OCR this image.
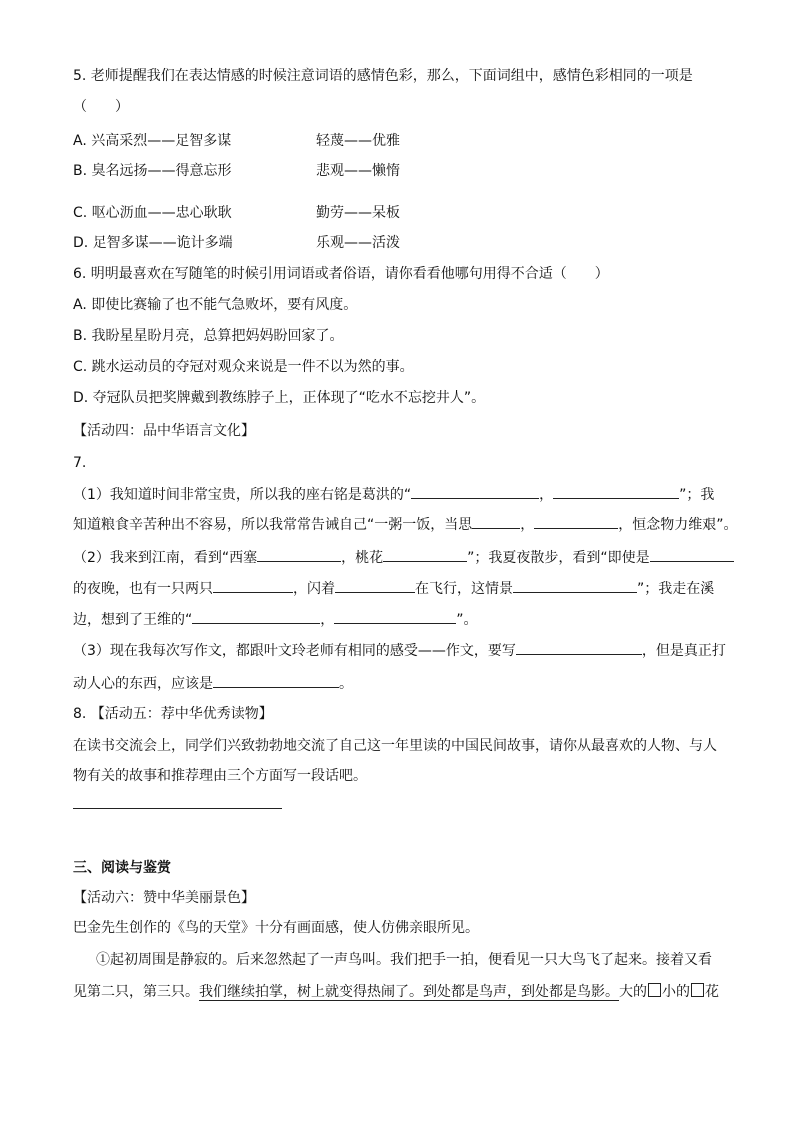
5. 老师提醒我们在表达情感的时候注意词语的感情色彩，那么，下面词组中，感情色彩相同的一项是
（　　）
A. 兴高采烈——足智多谋	轻蔑——优雅
B. 臭名远扬——得意忘形	悲观——懒惰
C. 呕心沥血——忠心耿耿	勤劳——呆板
D. 足智多谋——诡计多端	乐观——活泼
6. 明明最喜欢在写随笔的时候引用词语或者俗语，请你看看他哪句用得不合适（　　）
A. 即使比赛输了也不能气急败坏，要有风度。
B. 我盼星星盼月亮，总算把妈妈盼回家了。
C. 跳水运动员的夺冠对观众来说是一件不以为然的事。
D. 夺冠队员把奖牌戴到教练脖子上，正体现了“吃水不忘挖井人”。
【活动四：品中华语言文化】
7.
（1）我知道时间非常宝贵，所以我的座右铭是葛洪的“	，	”；我
知道粮食辛苦种出不容易，所以我常常告诫自己“一粥一饭，当思	，	，恒念物力维艰”。
（2）我来到江南，看到“西塞	，桃花	”；我夏夜散步，看到“即使是
的夜晚，也有一只两只	，闪着	在飞行，这情景	”；我走在溪
边，想到了王维的“	，	”。
（3）现在我每次写作文，都跟叶文玲老师有相同的感受——作文，要写	，但是真正打
动人心的东西，应该是	。
8. 【活动五：荐中华优秀读物】
在读书交流会上，同学们兴致勃勃地交流了自己这一年里读的中国民间故事，请你从最喜欢的人物、与人
物有关的故事和推荐理由三个方面写一段话吧。
三、阅读与鉴赏
【活动六：赞中华美丽景色】
巴金先生创作的《鸟的天堂》十分有画面感，使人仿佛亲眼所见。
①起初周围是静寂的。后来忽然起了一声鸟叫。我们把手一拍，便看见一只大鸟飞了起来。接着又看
见第二只，第三只。我们继续拍掌，树上就变得热闹了。到处都是鸟声，到处都是鸟影。大的 小的 花
